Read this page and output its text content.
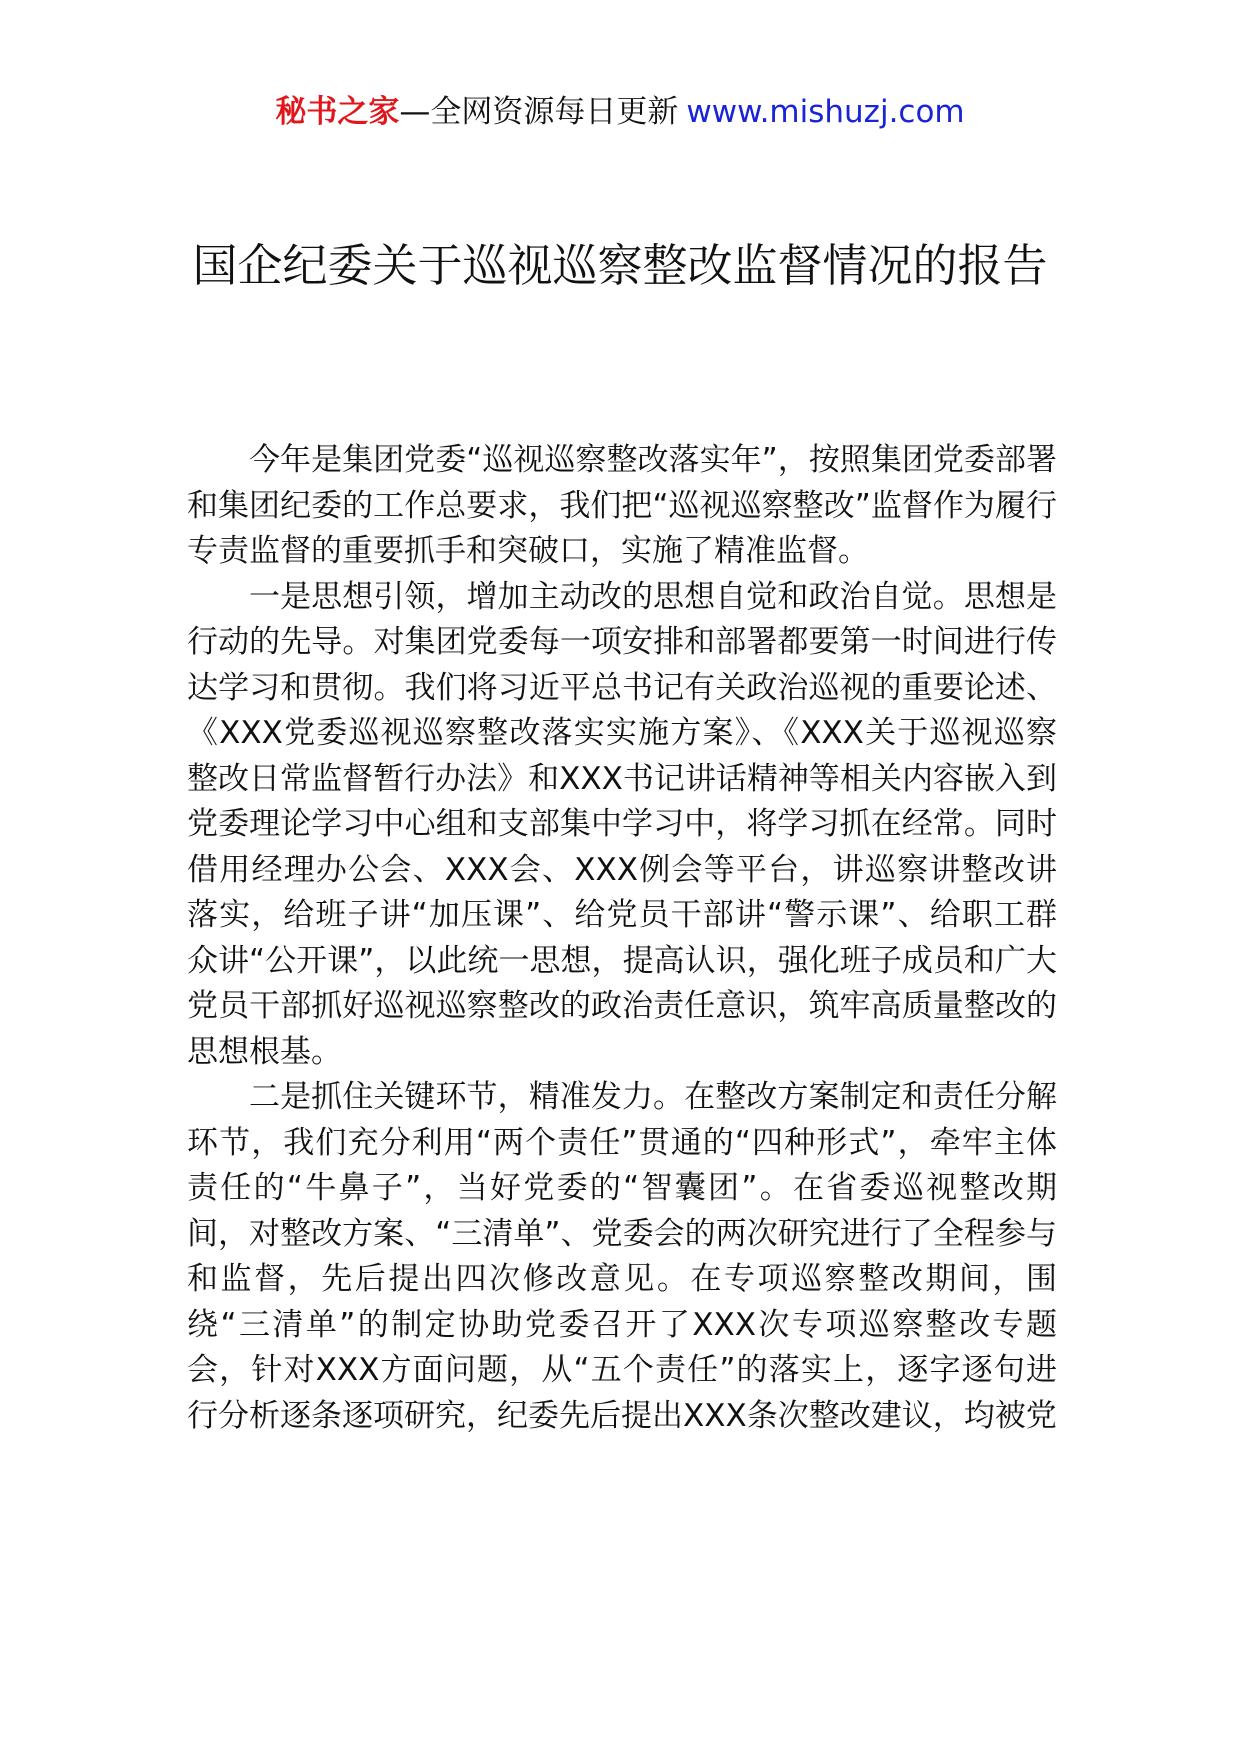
秘书之家—全网资源每日更新 www.mishuzj.com
国企纪委关于巡视巡察整改监督情况的报告

今年是集团党委“巡视巡察整改落实年”，按照集团党委部署和集团纪委的工作总要求，我们把“巡视巡察整改”监督作为履行专责监督的重要抓手和突破口，实施了精准监督。

一是思想引领，增加主动改的思想自觉和政治自觉。思想是行动的先导。对集团党委每一项安排和部署都要第一时间进行传达学习和贯彻。我们将习近平总书记有关政治巡视的重要论述、《XXX党委巡视巡察整改落实实施方案》、《XXX关于巡视巡察整改日常监督暂行办法》和XXX书记讲话精神等相关内容嵌入到党委理论学习中心组和支部集中学习中，将学习抓在经常。同时借用经理办公会、XXX会、XXX例会等平台，讲巡察讲整改讲落实，给班子讲“加压课”、给党员干部讲“警示课”、给职工群众讲“公开课”，以此统一思想，提高认识，强化班子成员和广大党员干部抓好巡视巡察整改的政治责任意识，筑牢高质量整改的思想根基。

二是抓住关键环节，精准发力。在整改方案制定和责任分解环节，我们充分利用“两个责任”贯通的“四种形式”，牵牢主体责任的“牛鼻子”，当好党委的“智囊团”。在省委巡视整改期间，对整改方案、“三清单”、党委会的两次研究进行了全程参与和监督，先后提出四次修改意见。在专项巡察整改期间，围绕“三清单”的制定协助党委召开了XXX次专项巡察整改专题会，针对XXX方面问题，从“五个责任”的落实上，逐字逐句进行分析逐条逐项研究，纪委先后提出XXX条次整改建议，均被党
